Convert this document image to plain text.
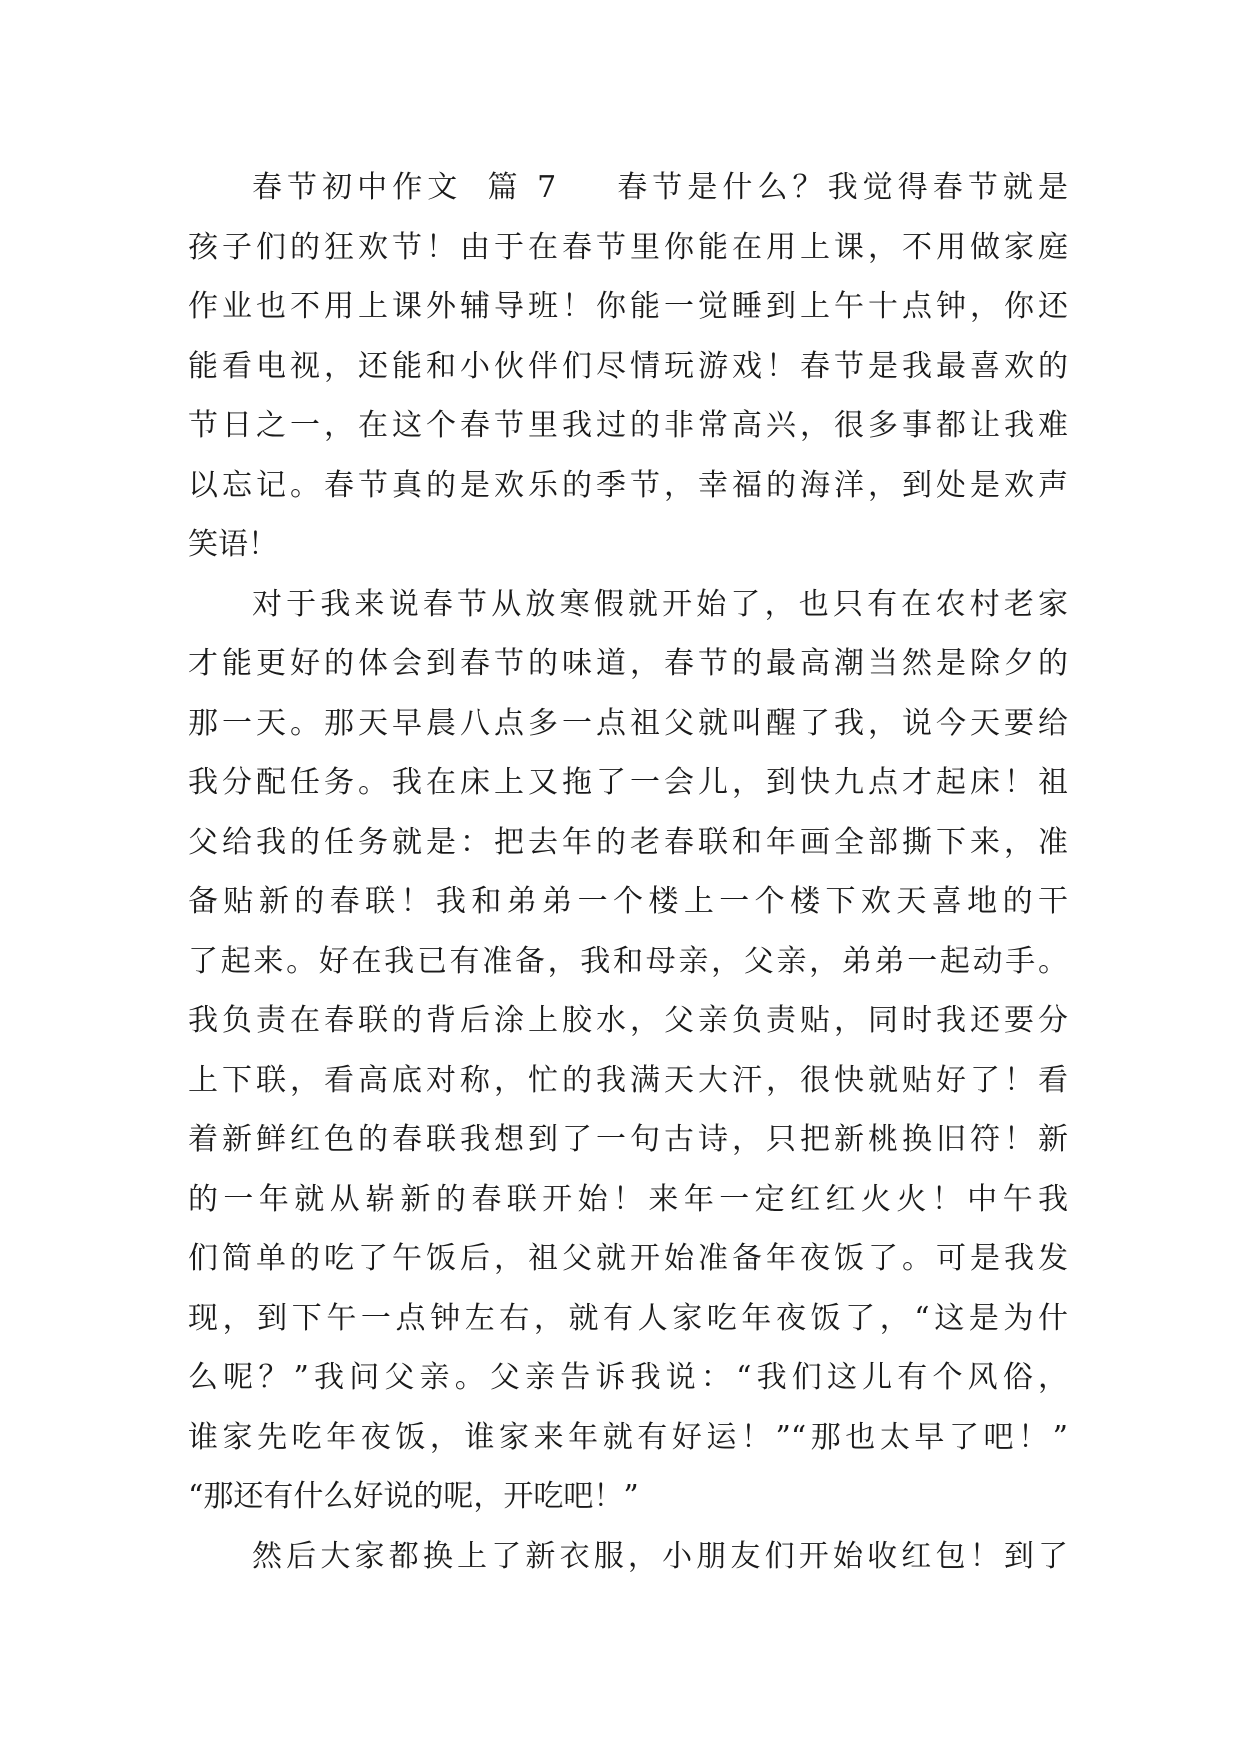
春节初中作文 篇 7 春节是什么？我觉得春节就是
孩子们的狂欢节！由于在春节里你能在用上课，不用做家庭
作业也不用上课外辅导班！你能一觉睡到上午十点钟，你还
能看电视，还能和小伙伴们尽情玩游戏！春节是我最喜欢的
节日之一，在这个春节里我过的非常高兴，很多事都让我难
以忘记。春节真的是欢乐的季节，幸福的海洋，到处是欢声
笑语！
对于我来说春节从放寒假就开始了，也只有在农村老家
才能更好的体会到春节的味道，春节的最高潮当然是除夕的
那一天。那天早晨八点多一点祖父就叫醒了我，说今天要给
我分配任务。我在床上又拖了一会儿，到快九点才起床！祖
父给我的任务就是：把去年的老春联和年画全部撕下来，准
备贴新的春联！我和弟弟一个楼上一个楼下欢天喜地的干
了起来。好在我已有准备，我和母亲，父亲，弟弟一起动手。
我负责在春联的背后涂上胶水，父亲负责贴，同时我还要分
上下联，看高底对称，忙的我满天大汗，很快就贴好了！看
着新鲜红色的春联我想到了一句古诗，只把新桃换旧符！新
的一年就从崭新的春联开始！来年一定红红火火！中午我
们简单的吃了午饭后，祖父就开始准备年夜饭了。可是我发
现，到下午一点钟左右，就有人家吃年夜饭了，“这是为什
么呢？”我问父亲。父亲告诉我说：“我们这儿有个风俗，
谁家先吃年夜饭，谁家来年就有好运！”“那也太早了吧！”
“那还有什么好说的呢，开吃吧！”
然后大家都换上了新衣服，小朋友们开始收红包！到了
